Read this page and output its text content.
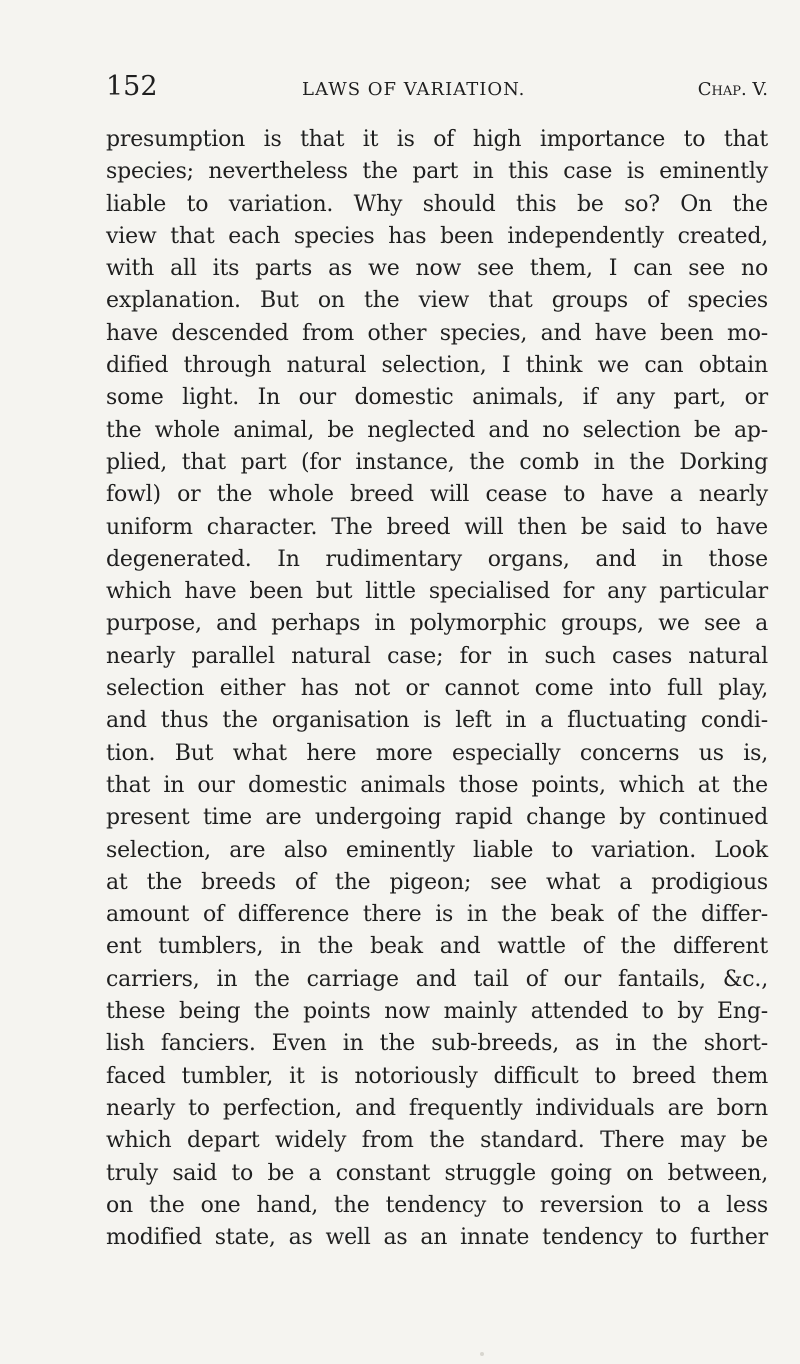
152	LAWS OF VARIATION.	Chap. V.
presumption is that it is of high importance to that
species; nevertheless the part in this case is eminently
liable to variation. Why should this be so? On the
view that each species has been independently created,
with all its parts as we now see them, I can see no
explanation. But on the view that groups of species
have descended from other species, and have been mo-
dified through natural selection, I think we can obtain
some light. In our domestic animals, if any part, or
the whole animal, be neglected and no selection be ap-
plied, that part (for instance, the comb in the Dorking
fowl) or the whole breed will cease to have a nearly
uniform character. The breed will then be said to have
degenerated. In rudimentary organs, and in those
which have been but little specialised for any particular
purpose, and perhaps in polymorphic groups, we see a
nearly parallel natural case; for in such cases natural
selection either has not or cannot come into full play,
and thus the organisation is left in a fluctuating condi-
tion. But what here more especially concerns us is,
that in our domestic animals those points, which at the
present time are undergoing rapid change by continued
selection, are also eminently liable to variation. Look
at the breeds of the pigeon; see what a prodigious
amount of difference there is in the beak of the differ-
ent tumblers, in the beak and wattle of the different
carriers, in the carriage and tail of our fantails, &c.,
these being the points now mainly attended to by Eng-
lish fanciers. Even in the sub-breeds, as in the short-
faced tumbler, it is notoriously difficult to breed them
nearly to perfection, and frequently individuals are born
which depart widely from the standard. There may be
truly said to be a constant struggle going on between,
on the one hand, the tendency to reversion to a less
modified state, as well as an innate tendency to further
